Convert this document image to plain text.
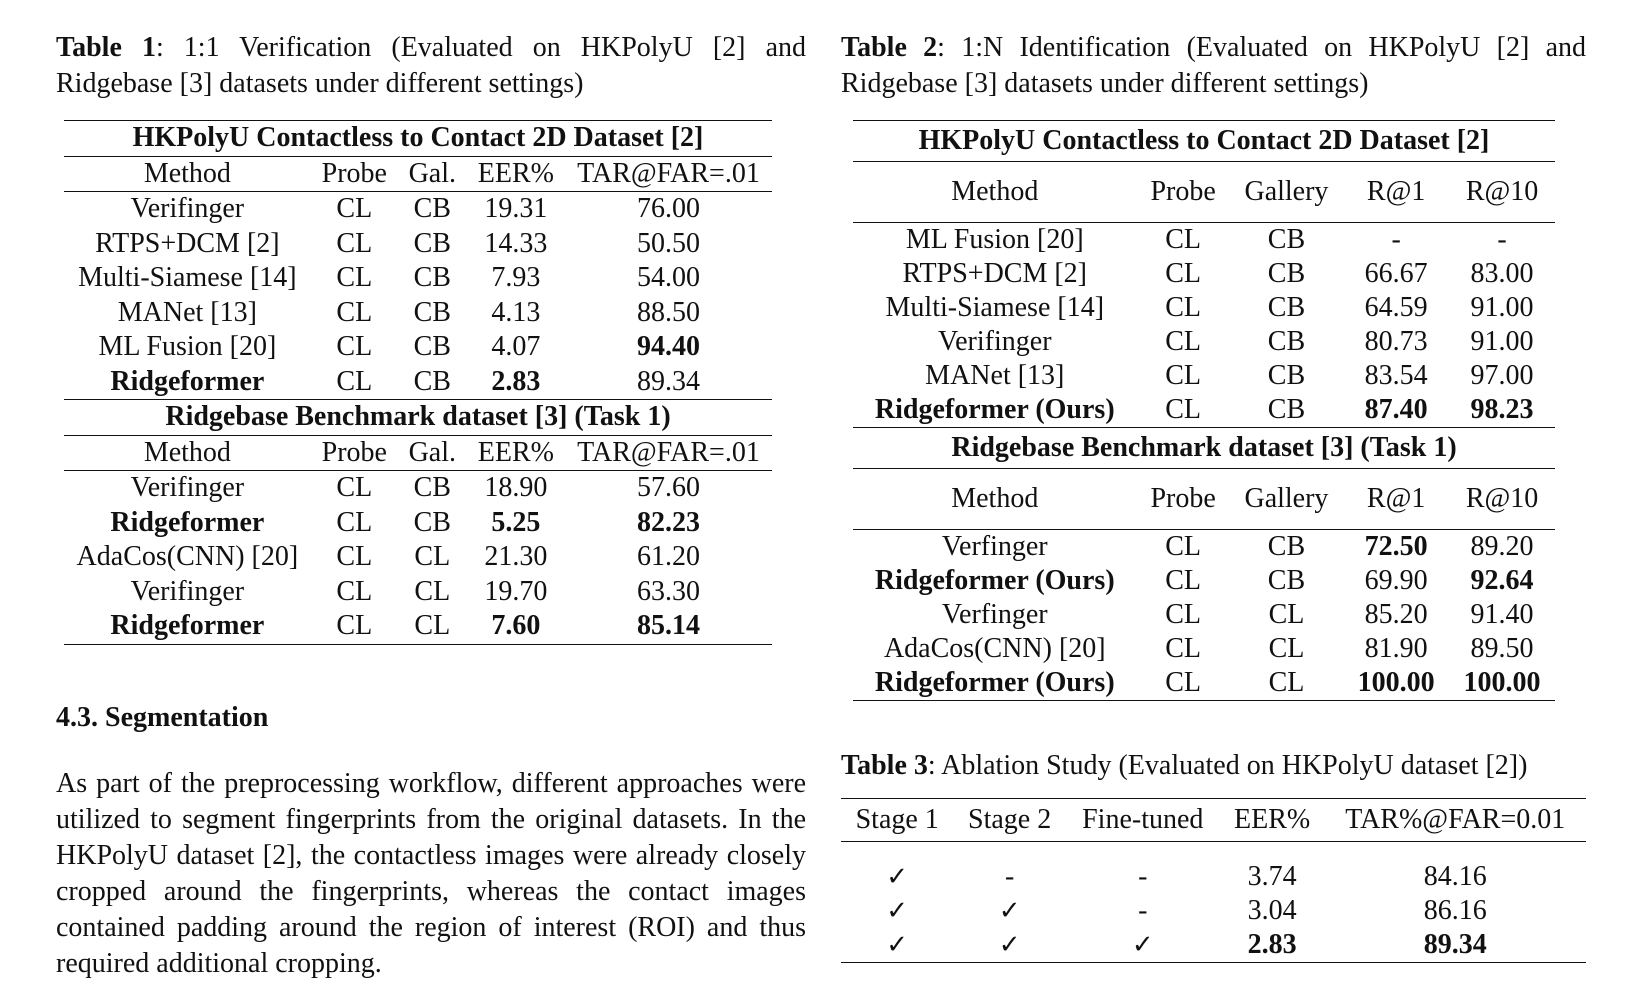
Table 1: 1:1 Verification (Evaluated on HKPolyU [2] and Ridgebase [3] datasets under different settings)

HKPolyU Contactless to Contact 2D Dataset [2]				
Method	Probe	Gal.	EER%	TAR@FAR=.01
Verifinger	CL	CB	19.31	76.00
RTPS+DCM [2]	CL	CB	14.33	50.50
Multi-Siamese [14]	CL	CB	7.93	54.00
MANet [13]	CL	CB	4.13	88.50
ML Fusion [20]	CL	CB	4.07	94.40
Ridgeformer	CL	CB	2.83	89.34
Ridgebase Benchmark dataset [3] (Task 1)				
Method	Probe	Gal.	EER%	TAR@FAR=.01
Verifinger	CL	CB	18.90	57.60
Ridgeformer	CL	CB	5.25	82.23
AdaCos(CNN) [20]	CL	CL	21.30	61.20
Verifinger	CL	CL	19.70	63.30
Ridgeformer	CL	CL	7.60	85.14
4.3. Segmentation

As part of the preprocessing workflow, different approaches were utilized to segment fingerprints from the original datasets. In the HKPolyU dataset [2], the contactless images were already closely cropped around the fingerprints, whereas the contact images contained padding around the region of interest (ROI) and thus required additional cropping.

Table 2: 1:N Identification (Evaluated on HKPolyU [2] and Ridgebase [3] datasets under different settings)

HKPolyU Contactless to Contact 2D Dataset [2]				
Method	Probe	Gallery	R@1	R@10
ML Fusion [20]	CL	CB	-	-
RTPS+DCM [2]	CL	CB	66.67	83.00
Multi-Siamese [14]	CL	CB	64.59	91.00
Verifinger	CL	CB	80.73	91.00
MANet [13]	CL	CB	83.54	97.00
Ridgeformer (Ours)	CL	CB	87.40	98.23
Ridgebase Benchmark dataset [3] (Task 1)				
Method	Probe	Gallery	R@1	R@10
Verfinger	CL	CB	72.50	89.20
Ridgeformer (Ours)	CL	CB	69.90	92.64
Verfinger	CL	CL	85.20	91.40
AdaCos(CNN) [20]	CL	CL	81.90	89.50
Ridgeformer (Ours)	CL	CL	100.00	100.00

Table 3: Ablation Study (Evaluated on HKPolyU dataset [2])

Stage 1	Stage 2	Fine-tuned	EER%	TAR%@FAR=0.01

✓	-	-	3.74	84.16
✓	✓	-	3.04	86.16
✓	✓	✓	2.83	89.34
